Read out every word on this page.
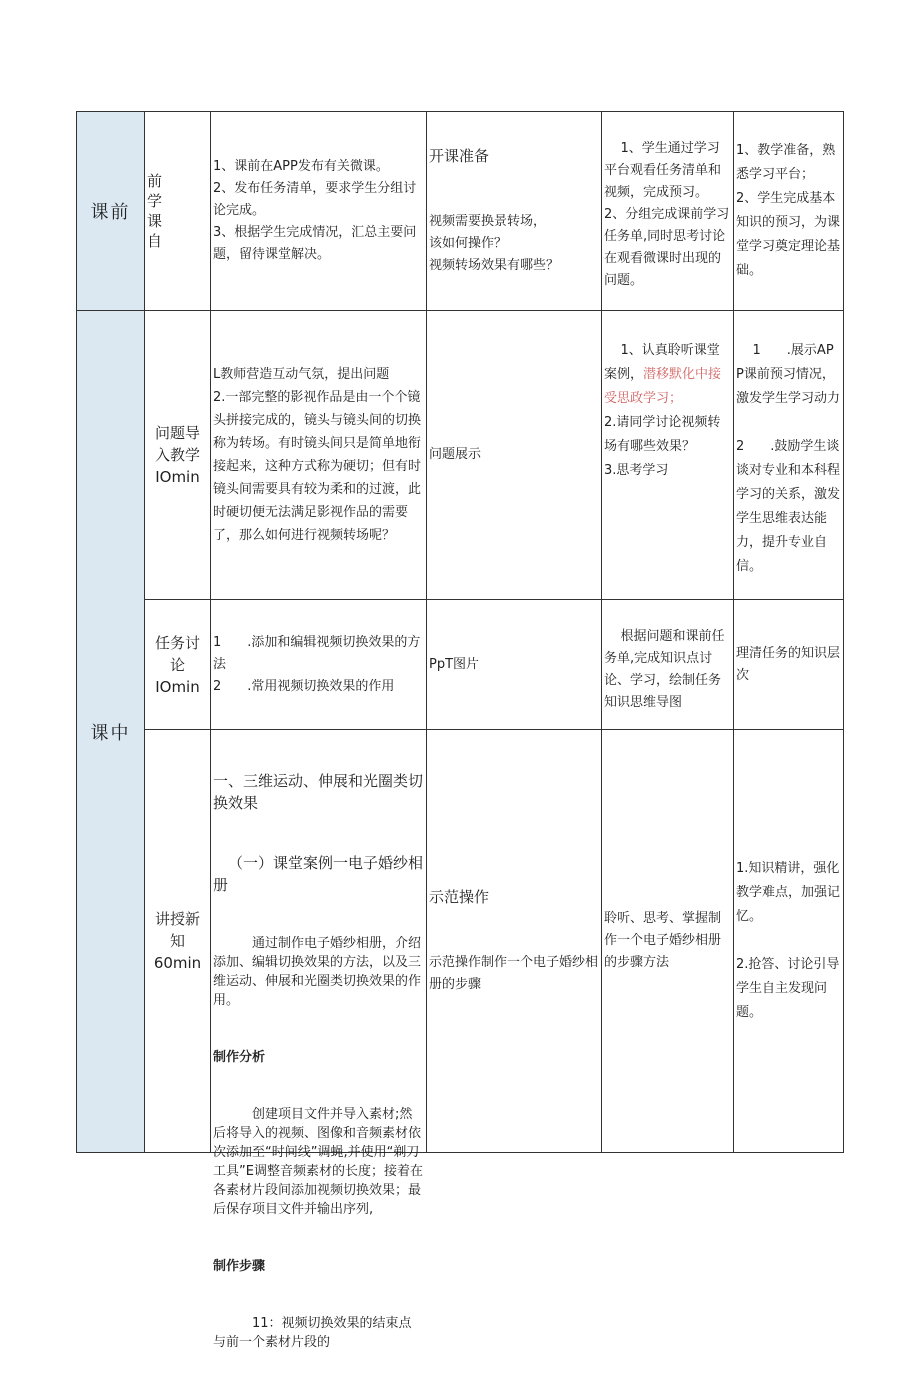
课前
课中
前
学
课
自
1、课前在APP发布有关微课。
2、发布任务清单，要求学生分组讨论完成。
3、根据学生完成情况，汇总主要问题，留待课堂解决。

开课准备

视频需要换景转场，
该如何操作？
视频转场效果有哪些？

1、学生通过学习平台观看任务清单和视频，完成预习。
2、分组完成课前学习任务单,同时思考讨论在观看微课时出现的问题。

1、教学准备，熟悉学习平台；
2、学生完成基本知识的预习，为课堂学习奠定理论基础。
问题导
入教学
IOmin
L教师营造互动气氛，提出问题
2.一部完整的影视作品是由一个个镜头拼接完成的，镜头与镜头间的切换称为转场。有时镜头间只是简单地衔接起来，这种方式称为硬切；但有时镜头间需要具有较为柔和的过渡，此时硬切便无法满足影视作品的需要了，那么如何进行视频转场呢？
问题展示

1、认真聆听课堂案例，潜移默化中接受思政学习；
2.请同学讨论视频转场有哪些效果？
3.思考学习

1　　.展示APP课前预习情况，激发学生学习动力

2　　.鼓励学生谈谈对专业和本科程学习的关系，激发学生思维表达能力，提升专业自信。

任务讨
论
IOmin
1　　.添加和编辑视频切换效果的方法
2　　.常用视频切换效果的作用
PpT图片

根据问题和课前任务单,完成知识点讨论、学习，绘制任务知识思维导图

理清任务的知识层次
讲授新
知
60min

一、三维运动、伸展和光圈类切换效果

（一）课堂案例一电子婚纱相册

通过制作电子婚纱相册，介绍添加、编辑切换效果的方法，以及三维运动、伸展和光圈类切换效果的作用。

制作分析

创建项目文件并导入素材;然后将导入的视频、图像和音频素材依次添加至“时间线”调蝇,并使用“剃刀工具”E调整音频素材的长度；接着在各素材片段间添加视频切换效果；最后保存项目文件并输出序列,

制作步骤

11：视频切换效果的结束点与前一个素材片段的

示范操作

示范操作制作一个电子婚纱相册的步骤

聆听、思考、掌握制作一个电子婚纱相册的步骤方法
1.知识精讲，强化教学难点，加强记忆。

2.抢答、讨论引导学生自主发现问题。
